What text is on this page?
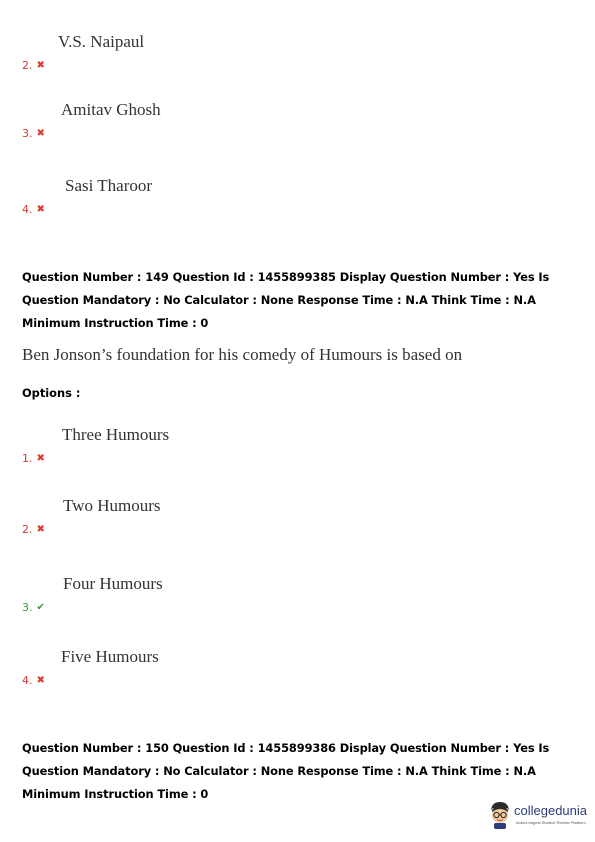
2. ✖
V.S. Naipaul
3. ✖
Amitav Ghosh
4. ✖
Sasi Tharoor
Question Number : 149 Question Id : 1455899385 Display Question Number : Yes Is Question Mandatory : No Calculator : None Response Time : N.A Think Time : N.A Minimum Instruction Time : 0
Ben Jonson’s foundation for his comedy of Humours is based on
Options :
1. ✖
Three Humours
2. ✖
Two Humours
3. ✔
Four Humours
4. ✖
Five Humours
Question Number : 150 Question Id : 1455899386 Display Question Number : Yes Is Question Mandatory : No Calculator : None Response Time : N.A Think Time : N.A Minimum Instruction Time : 0
collegedunia
India's largest Student Review Platform
